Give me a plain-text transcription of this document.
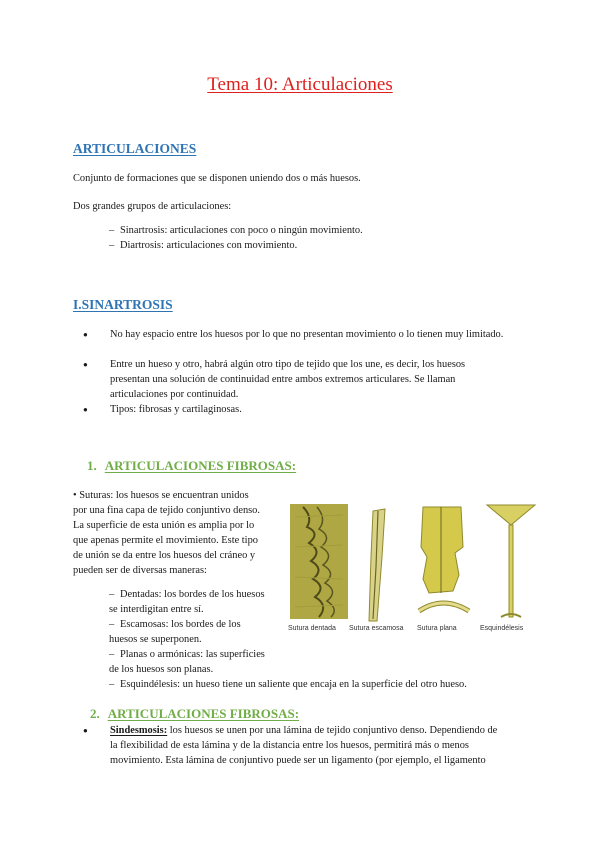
Tema 10: Articulaciones
ARTICULACIONES
Conjunto de formaciones que se disponen uniendo dos o más huesos.
Dos grandes grupos de articulaciones:
– Sinartrosis: articulaciones con poco o ningún movimiento.
– Diartrosis: articulaciones con movimiento.
I.SINARTROSIS
● No hay espacio entre los huesos por lo que no presentan movimiento o lo tienen muy limitado.
● Entre un hueso y otro, habrá algún otro tipo de tejido que los une, es decir, los huesos presentan una solución de continuidad entre ambos extremos articulares. Se llaman articulaciones por continuidad.
● Tipos: fibrosas y cartilaginosas.
1. ARTICULACIONES FIBROSAS:
• Suturas: los huesos se encuentran unidos
por una fina capa de tejido conjuntivo denso.
La superficie de esta unión es amplia por lo
que apenas permite el movimiento. Este tipo
de unión se da entre los huesos del cráneo y
pueden ser de diversas maneras:
– Dentadas: los bordes de los huesos
se interdigitan entre sí.
– Escamosas: los bordes de los
huesos se superponen.
– Planas o armónicas: las superficies
de los huesos son planas.
– Esquindélesis: un hueso tiene un saliente que encaja en la superficie del otro hueso.
Sutura dentada Sutura escamosa Sutura plana	Esquindélesis
2. ARTICULACIONES FIBROSAS:
● Sindesmosis: los huesos se unen por una lámina de tejido conjuntivo denso. Dependiendo de
la flexibilidad de esta lámina y de la distancia entre los huesos, permitirá más o menos
movimiento. Esta lámina de conjuntivo puede ser un ligamento (por ejemplo, el ligamento
